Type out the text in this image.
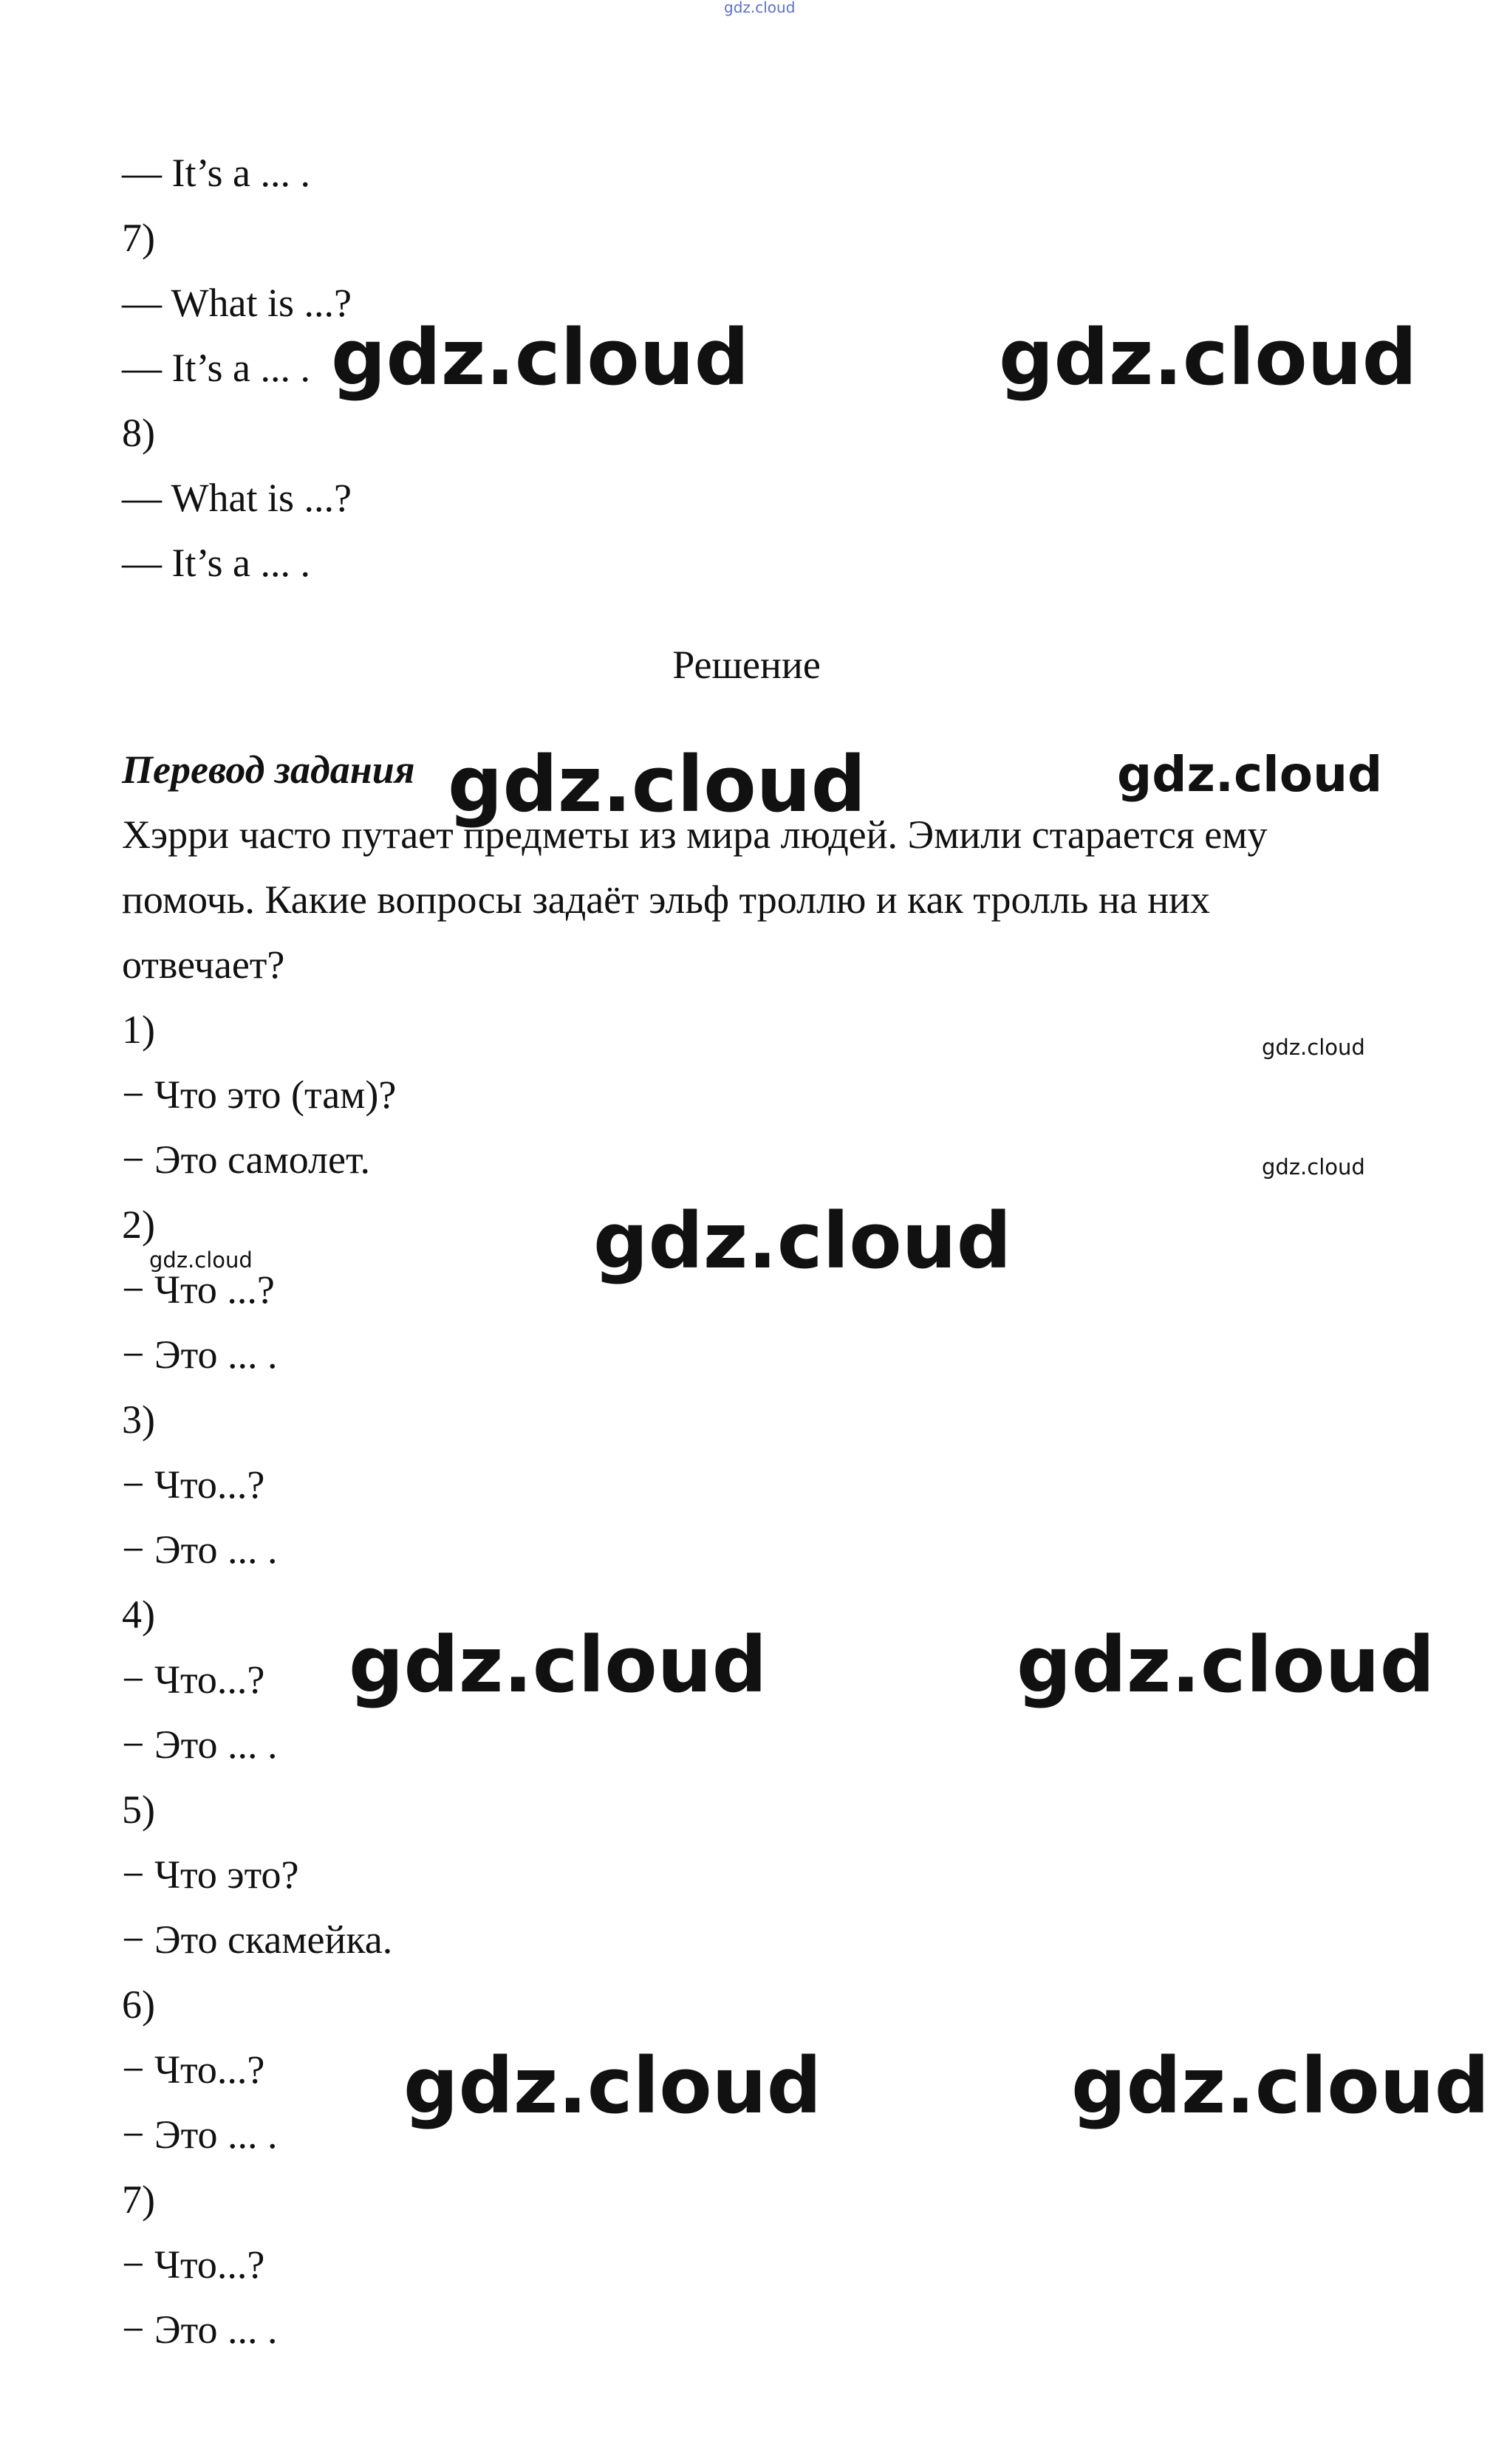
gdz.cloud
— It’s a ... .
7)
— What is ...?
— It’s a ... .
8)
— What is ...?
— It’s a ... .
Решение
Перевод задания
Хэрри часто путает предметы из мира людей. Эмили старается ему
помочь. Какие вопросы задаёт эльф троллю и как тролль на них
отвечает?
1)
− Что это (там)?
− Это самолет.
2)
− Что ...?
− Это ... .
3)
− Что...?
− Это ... .
4)
− Что...?
− Это ... .
5)
− Что это?
− Это скамейка.
6)
− Что...?
− Это ... .
7)
− Что...?
− Это ... .
gdz.cloud	gdz.cloud
gdz.cloud	gdz.cloud
gdz.cloud
gdz.cloud
gdz.cloud
gdz.cloud
gdz.cloud	gdz.cloud
gdz.cloud	gdz.cloud
